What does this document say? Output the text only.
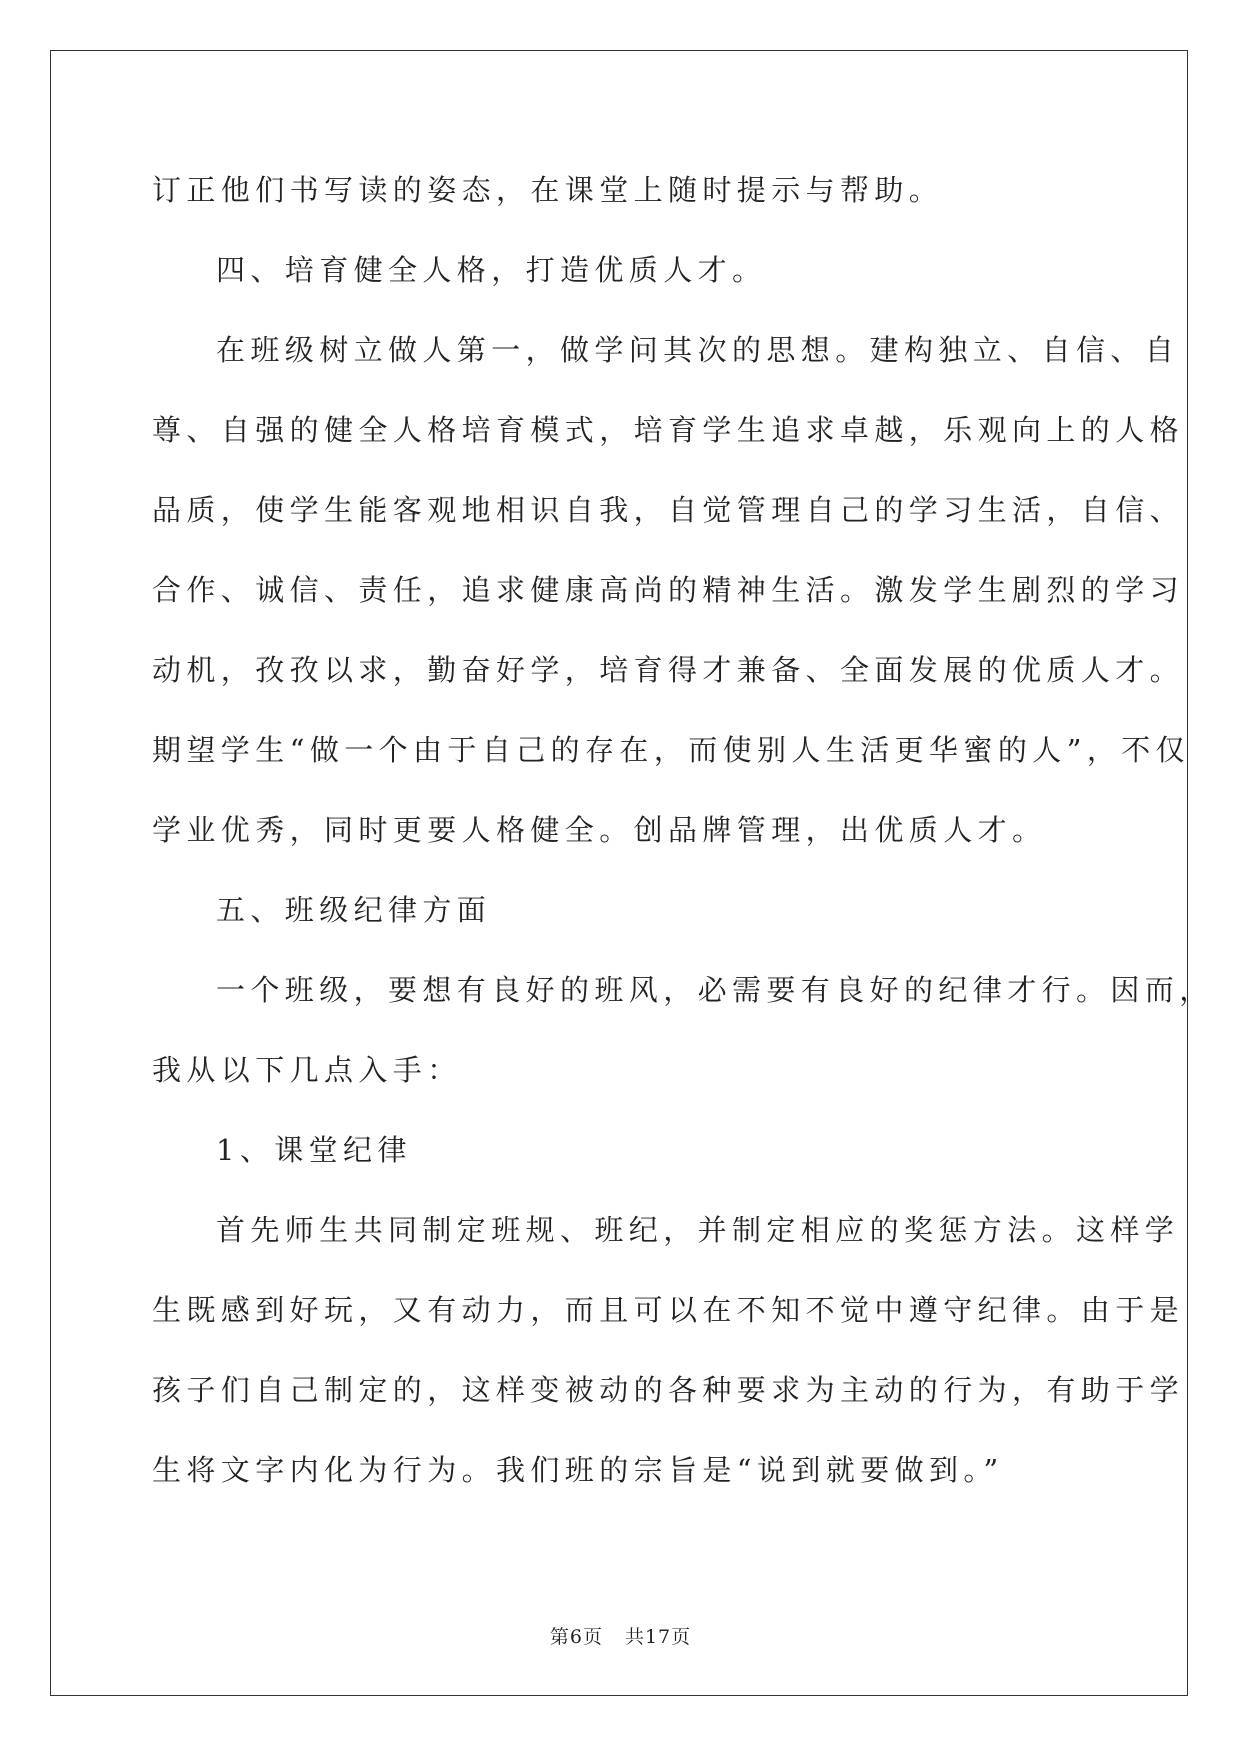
订正他们书写读的姿态，在课堂上随时提示与帮助。
四、培育健全人格，打造优质人才。
在班级树立做人第一，做学问其次的思想。建构独立、自信、自
尊、自强的健全人格培育模式，培育学生追求卓越，乐观向上的人格
品质，使学生能客观地相识自我，自觉管理自己的学习生活，自信、
合作、诚信、责任，追求健康高尚的精神生活。激发学生剧烈的学习
动机，孜孜以求，勤奋好学，培育得才兼备、全面发展的优质人才。
期望学生“做一个由于自己的存在，而使别人生活更华蜜的人”，不仅
学业优秀，同时更要人格健全。创品牌管理，出优质人才。
五、班级纪律方面
一个班级，要想有良好的班风，必需要有良好的纪律才行。因而，
我从以下几点入手：
1、课堂纪律
首先师生共同制定班规、班纪，并制定相应的奖惩方法。这样学
生既感到好玩，又有动力，而且可以在不知不觉中遵守纪律。由于是
孩子们自己制定的，这样变被动的各种要求为主动的行为，有助于学
生将文字内化为行为。我们班的宗旨是“说到就要做到。”
第6页 共17页
